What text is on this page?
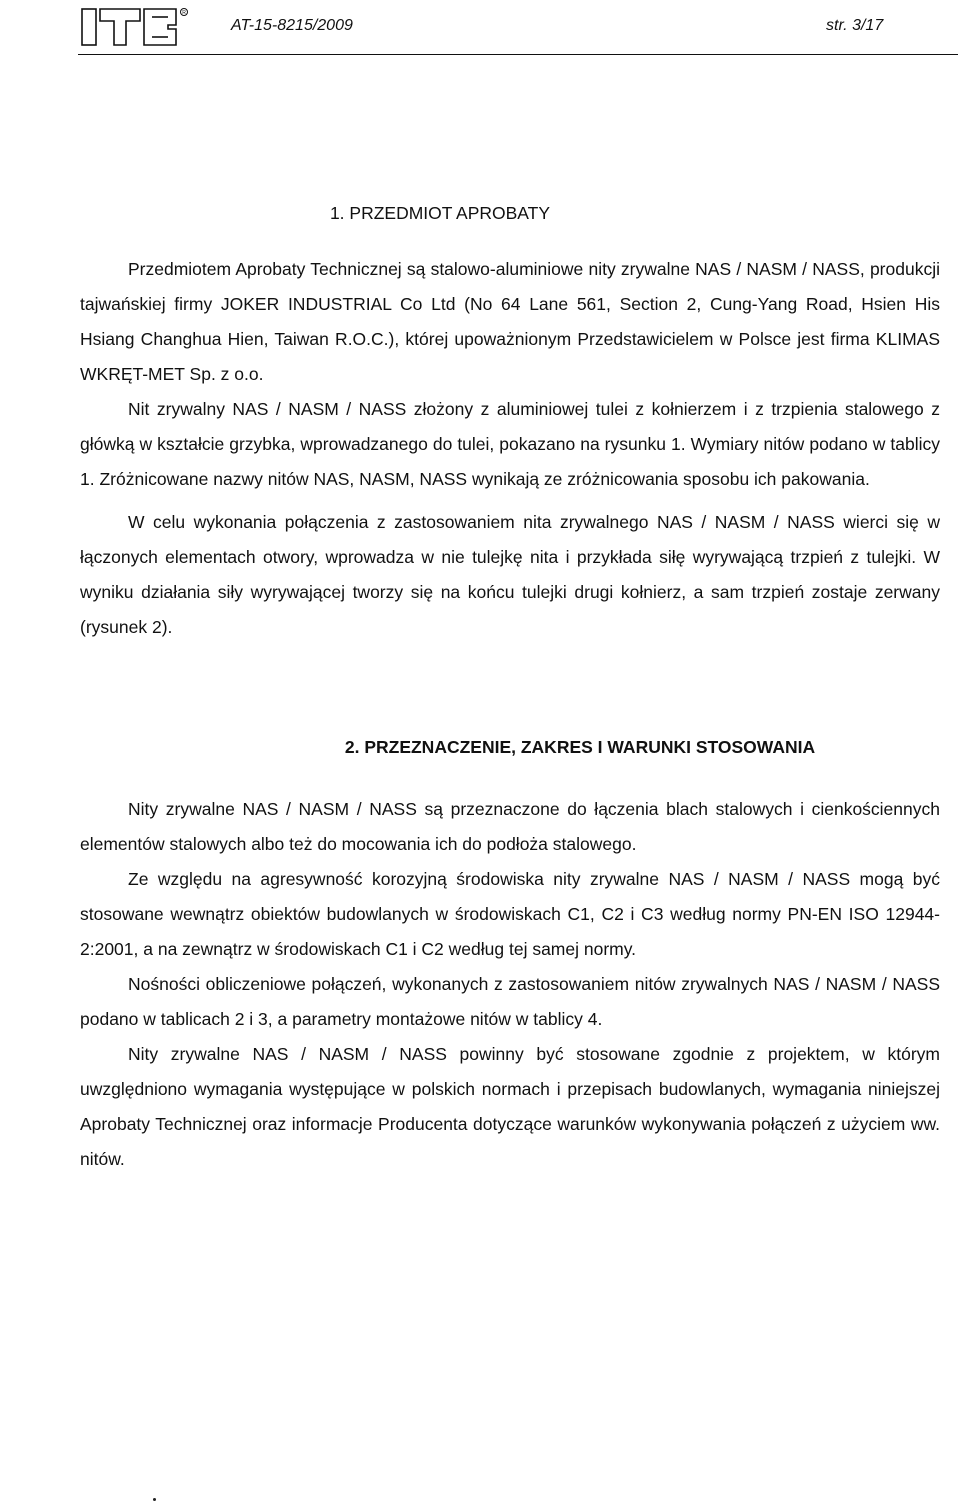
R
AT-15-8215/2009	str. 3/17
1. PRZEDMIOT APROBATY

Przedmiotem Aprobaty Technicznej są stalowo-aluminiowe nity zrywalne NAS / NASM / NASS, produkcji tajwańskiej firmy JOKER INDUSTRIAL Co Ltd (No 64 Lane 561, Section 2, Cung-Yang Road, Hsien His Hsiang Changhua Hien, Taiwan R.O.C.), której upoważnionym Przedstawicielem w Polsce jest firma KLIMAS WKRĘT-MET Sp. z o.o.

Nit zrywalny NAS / NASM / NASS złożony z aluminiowej tulei z kołnierzem i z trzpienia stalowego z główką w kształcie grzybka, wprowadzanego do tulei, pokazano na rysunku 1. Wymiary nitów podano w tablicy 1. Zróżnicowane nazwy nitów NAS, NASM, NASS wynikają ze zróżnicowania sposobu ich pakowania.

W celu wykonania połączenia z zastosowaniem nita zrywalnego NAS / NASM / NASS wierci się w łączonych elementach otwory, wprowadza w nie tulejkę nita i przykłada siłę wyrywającą trzpień z tulejki. W wyniku działania siły wyrywającej tworzy się na końcu tulejki drugi kołnierz, a sam trzpień zostaje zerwany (rysunek 2).

2. PRZEZNACZENIE, ZAKRES I WARUNKI STOSOWANIA

Nity zrywalne NAS / NASM / NASS są przeznaczone do łączenia blach stalowych i cienkościennych elementów stalowych albo też do mocowania ich do podłoża stalowego.

Ze względu na agresywność korozyjną środowiska nity zrywalne NAS / NASM / NASS mogą być stosowane wewnątrz obiektów budowlanych w środowiskach C1, C2 i C3 według normy PN-EN ISO 12944-2:2001, a na zewnątrz w środowiskach C1 i C2 według tej samej normy.

Nośności obliczeniowe połączeń, wykonanych z zastosowaniem nitów zrywalnych NAS / NASM / NASS podano w tablicach 2 i 3, a parametry montażowe nitów w tablicy 4.

Nity zrywalne NAS / NASM / NASS powinny być stosowane zgodnie z projektem, w którym uwzględniono wymagania występujące w polskich normach i przepisach budowlanych, wymagania niniejszej Aprobaty Technicznej oraz informacje Producenta dotyczące warunków wykonywania połączeń z użyciem ww. nitów.
